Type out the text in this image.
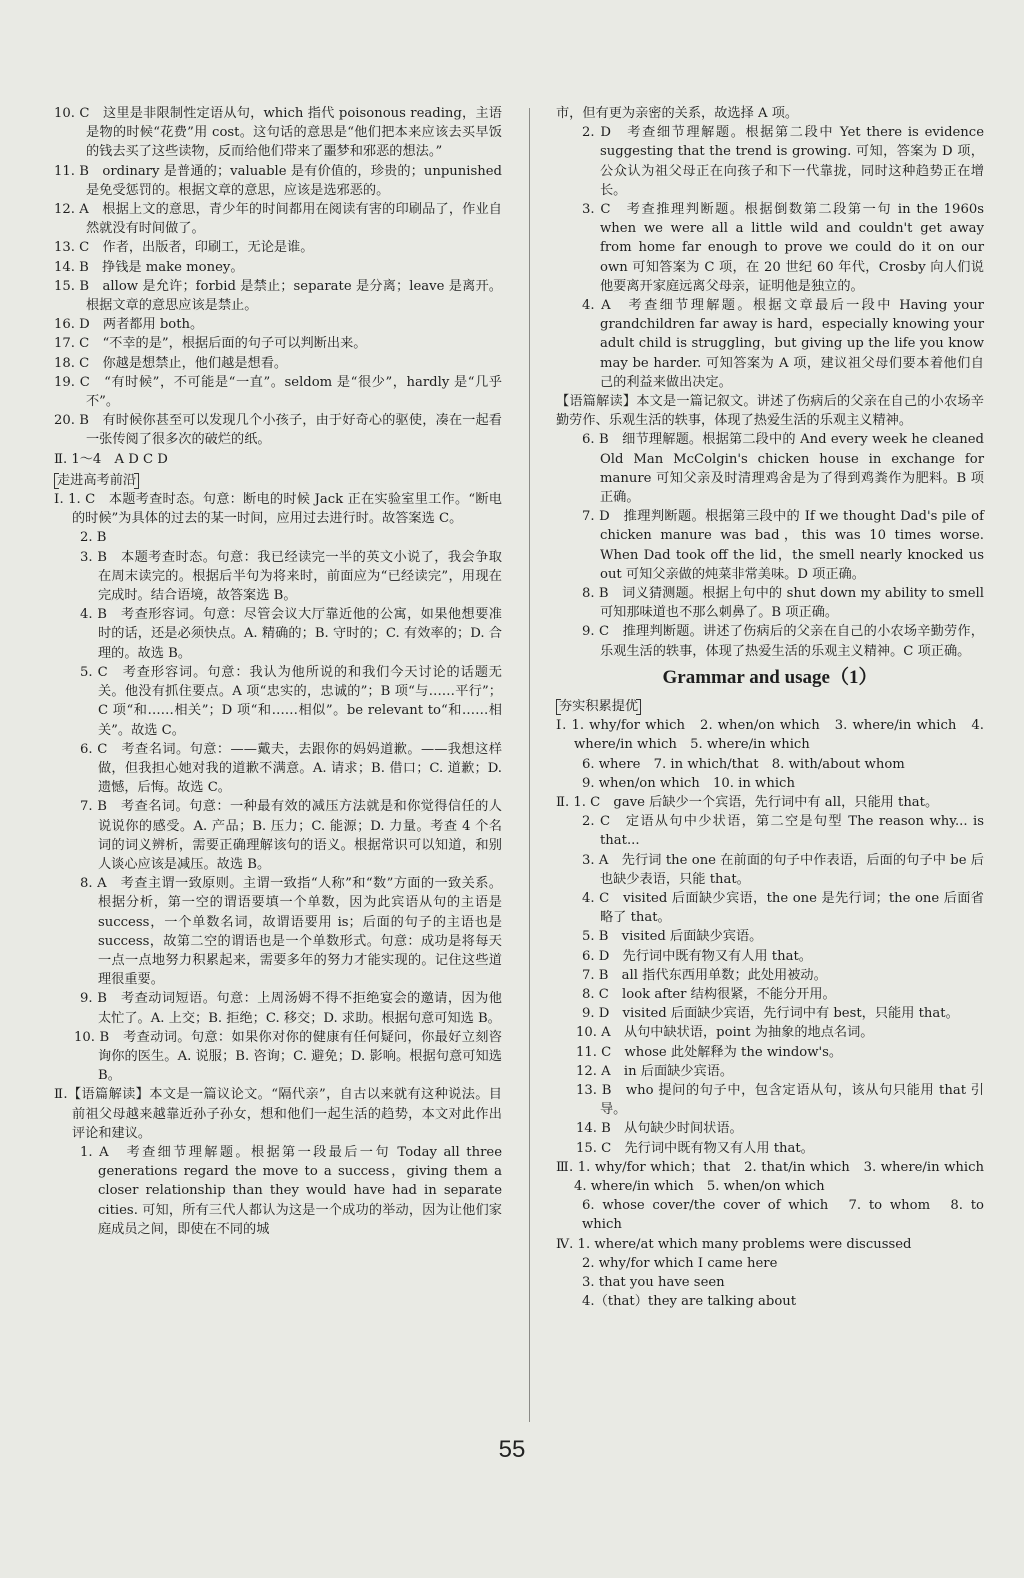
10. C　这里是非限制性定语从句，which 指代 poisonous reading，主语是物的时候“花费”用 cost。这句话的意思是“他们把本来应该去买早饭的钱去买了这些读物，反而给他们带来了噩梦和邪恶的想法。”

11. B　ordinary 是普通的；valuable 是有价值的，珍贵的；unpunished 是免受惩罚的。根据文章的意思，应该是选邪恶的。

12. A　根据上文的意思，青少年的时间都用在阅读有害的印刷品了，作业自然就没有时间做了。

13. C　作者，出版者，印刷工，无论是谁。

14. B　挣钱是 make money。

15. B　allow 是允许；forbid 是禁止；separate 是分离；leave 是离开。根据文章的意思应该是禁止。

16. D　两者都用 both。

17. C　“不幸的是”，根据后面的句子可以判断出来。

18. C　你越是想禁止，他们越是想看。

19. C　“有时候”，不可能是“一直”。seldom 是“很少”，hardly 是“几乎不”。

20. B　有时候你甚至可以发现几个小孩子，由于好奇心的驱使，凑在一起看一张传阅了很多次的破烂的纸。

Ⅱ. 1～4　A D C D

走进高考前沿

Ⅰ. 1. C　本题考查时态。句意：断电的时候 Jack 正在实验室里工作。“断电的时候”为具体的过去的某一时间，应用过去进行时。故答案选 C。

2. B

3. B　本题考查时态。句意：我已经读完一半的英文小说了，我会争取在周末读完的。根据后半句为将来时，前面应为“已经读完”，用现在完成时。结合语境，故答案选 B。

4. B　考查形容词。句意：尽管会议大厅靠近他的公寓，如果他想要准时的话，还是必须快点。A. 精确的；B. 守时的；C. 有效率的；D. 合理的。故选 B。

5. C　考查形容词。句意：我认为他所说的和我们今天讨论的话题无关。他没有抓住要点。A 项“忠实的，忠诚的”；B 项“与……平行”；C 项“和……相关”；D 项“和……相似”。be relevant to“和……相关”。故选 C。

6. C　考查名词。句意：——戴夫，去跟你的妈妈道歉。——我想这样做，但我担心她对我的道歉不满意。A. 请求；B. 借口；C. 道歉；D. 遗憾，后悔。故选 C。

7. B　考查名词。句意：一种最有效的减压方法就是和你觉得信任的人说说你的感受。A. 产品；B. 压力；C. 能源；D. 力量。考查 4 个名词的词义辨析，需要正确理解该句的语义。根据常识可以知道，和别人谈心应该是减压。故选 B。

8. A　考查主谓一致原则。主谓一致指“人称”和“数”方面的一致关系。根据分析，第一空的谓语要填一个单数，因为此宾语从句的主语是 success，一个单数名词，故谓语要用 is；后面的句子的主语也是 success，故第二空的谓语也是一个单数形式。句意：成功是将每天一点一点地努力积累起来，需要多年的努力才能实现的。记住这些道理很重要。

9. B　考查动词短语。句意：上周汤姆不得不拒绝宴会的邀请，因为他太忙了。A. 上交；B. 拒绝；C. 移交；D. 求助。根据句意可知选 B。

10. B　考查动词。句意：如果你对你的健康有任何疑问，你最好立刻咨询你的医生。A. 说服；B. 咨询；C. 避免；D. 影响。根据句意可知选 B。

Ⅱ.【语篇解读】本文是一篇议论文。“隔代亲”，自古以来就有这种说法。目前祖父母越来越靠近孙子孙女，想和他们一起生活的趋势，本文对此作出评论和建议。

1. A　考查细节理解题。根据第一段最后一句 Today all three generations regard the move to a success，giving them a closer relationship than they would have had in separate cities. 可知，所有三代人都认为这是一个成功的举动，因为让他们家庭成员之间，即使在不同的城

市，但有更为亲密的关系，故选择 A 项。

2. D　考查细节理解题。根据第二段中 Yet there is evidence suggesting that the trend is growing. 可知，答案为 D 项，公众认为祖父母正在向孩子和下一代靠拢，同时这种趋势正在增长。

3. C　考查推理判断题。根据倒数第二段第一句 in the 1960s when we were all a little wild and couldn't get away from home far enough to prove we could do it on our own 可知答案为 C 项，在 20 世纪 60 年代，Crosby 向人们说他要离开家庭远离父母亲，证明他是独立的。

4. A　考查细节理解题。根据文章最后一段中 Having your grandchildren far away is hard，especially knowing your adult child is struggling，but giving up the life you know may be harder. 可知答案为 A 项，建议祖父母们要本着他们自己的利益来做出决定。

【语篇解读】本文是一篇记叙文。讲述了伤病后的父亲在自己的小农场辛勤劳作、乐观生活的轶事，体现了热爱生活的乐观主义精神。

6. B　细节理解题。根据第二段中的 And every week he cleaned Old Man McColgin's chicken house in exchange for manure 可知父亲及时清理鸡舍是为了得到鸡粪作为肥料。B 项正确。

7. D　推理判断题。根据第三段中的 If we thought Dad's pile of chicken manure was bad，this was 10 times worse. When Dad took off the lid，the smell nearly knocked us out 可知父亲做的炖菜非常美味。D 项正确。

8. B　词义猜测题。根据上句中的 shut down my ability to smell 可知那味道也不那么刺鼻了。B 项正确。

9. C　推理判断题。讲述了伤病后的父亲在自己的小农场辛勤劳作，乐观生活的轶事，体现了热爱生活的乐观主义精神。C 项正确。

Grammar and usage（1）
夯实积累提优

Ⅰ. 1. why/for which　2. when/on which　3. where/in which　4. where/in which　5. where/in which

6. where　7. in which/that　8. with/about whom

9. when/on which　10. in which

Ⅱ. 1. C　gave 后缺少一个宾语，先行词中有 all，只能用 that。

2. C　定语从句中少状语，第二空是句型 The reason why... is that...

3. A　先行词 the one 在前面的句子中作表语，后面的句子中 be 后也缺少表语，只能 that。

4. C　visited 后面缺少宾语，the one 是先行词；the one 后面省略了 that。

5. B　visited 后面缺少宾语。

6. D　先行词中既有物又有人用 that。

7. B　all 指代东西用单数；此处用被动。

8. C　look after 结构很紧，不能分开用。

9. D　visited 后面缺少宾语，先行词中有 best，只能用 that。

10. A　从句中缺状语，point 为抽象的地点名词。

11. C　whose 此处解释为 the window's。

12. A　in 后面缺少宾语。

13. B　who 提问的句子中，包含定语从句，该从句只能用 that 引导。

14. B　从句缺少时间状语。

15. C　先行词中既有物又有人用 that。

Ⅲ. 1. why/for which；that　2. that/in which　3. where/in which　4. where/in which　5. when/on which

6. whose cover/the cover of which　7. to whom　8. to which

Ⅳ. 1. where/at which many problems were discussed

2. why/for which I came here

3. that you have seen

4.（that）they are talking about

55
